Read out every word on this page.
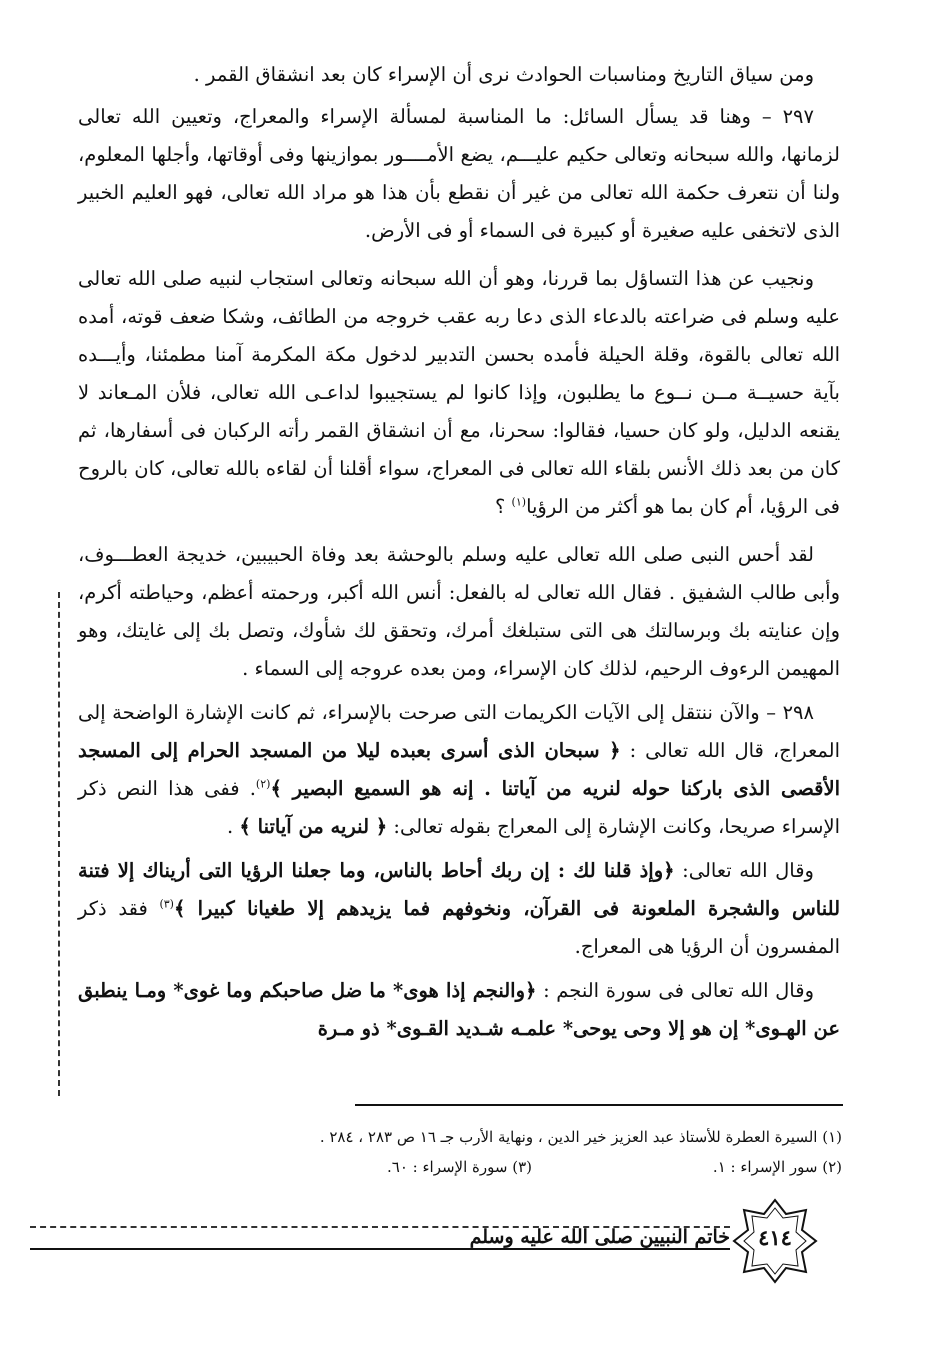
ومن سياق التاريخ ومناسبات الحوادث نرى أن الإسراء كان بعد انشقاق القمر .

٢٩٧ – وهنا قد يسأل السائل: ما المناسبة لمسألة الإسراء والمعراج، وتعيين الله تعالى لزمانها، والله سبحانه وتعالى حكيم عليـــم، يضع الأمــــور بموازينها وفى أوقاتها، وأجلها المعلوم، ولنا أن نتعرف حكمة الله تعالى من غير أن نقطع بأن هذا هو مراد الله تعالى، فهو العليم الخبير الذى لاتخفى عليه صغيرة أو كبيرة فى السماء أو فى الأرض.

ونجيب عن هذا التساؤل بما قررنا، وهو أن الله سبحانه وتعالى استجاب لنبيه صلى الله تعالى عليه وسلم فى ضراعته بالدعاء الذى دعا ربه عقب خروجه من الطائف، وشكا ضعف قوته، أمده الله تعالى بالقوة، وقلة الحيلة فأمده بحسن التدبير لدخول مكة المكرمة آمنا مطمئنا، وأيـــده بآية حسيــة مــن نــوع ما يطلبون، وإذا كانوا لم يستجيبوا لداعـى الله تعالى، فلأن المـعاند لا يقنعه الدليل، ولو كان حسيا، فقالوا: سحرنا، مع أن انشقاق القمر رأته الركبان فى أسفارها، ثم كان من بعد ذلك الأنس بلقاء الله تعالى فى المعراج، سواء أقلنا أن لقاءه بالله تعالى، كان بالروح فى الرؤيا، أم كان بما هو أكثر من الرؤيا$^{(١)}$ ؟

لقد أحس النبى صلى الله تعالى عليه وسلم بالوحشة بعد وفاة الحبيبين، خديجة العطـــوف، وأبى طالب الشفيق . فقال الله تعالى له بالفعل: أنس الله أكبر، ورحمته أعظم، وحياطته أكرم، وإن عنايته بك وبرسالتك هى التى ستبلغك أمرك، وتحقق لك شأوك، وتصل بك إلى غايتك، وهو المهيمن الرءوف الرحيم، لذلك كان الإسراء، ومن بعده عروجه إلى السماء .

٢٩٨ – والآن ننتقل إلى الآيات الكريمات التى صرحت بالإسراء، ثم كانت الإشارة الواضحة إلى المعراج، قال الله تعالى : ﴿ سبحان الذى أسرى بعبده ليلا من المسجد الحرام إلى المسجد الأقصى الذى باركنا حوله لنريه من آياتنا . إنه هو السميع البصير ﴾$^{(٢)}$. ففى هذا النص ذكر الإسراء صريحا، وكانت الإشارة إلى المعراج بقوله تعالى: ﴿ لنريه من آياتنا ﴾ .

وقال الله تعالى: ﴿وإذ قلنا لك : إن ربك أحاط بالناس، وما جعلنا الرؤيا التى أريناك إلا فتنة للناس والشجرة الملعونة فى القرآن، ونخوفهم فما يزيدهم إلا طغيانا كبيرا ﴾$^{(٣)}$ فقد ذكر المفسرون أن الرؤيا هى المعراج.

وقال الله تعالى فى سورة النجم : ﴿والنجم إذا هوى* ما ضل صاحبكم وما غوى* ومـا ينطبق عن الهـوى* إن هو إلا وحى يوحى* علمـه شـديد القـوى* ذو مـرة

(١) السيرة العطرة للأستاذ عبد العزيز خير الدين ، ونهاية الأرب جـ ١٦ ص ٢٨٣ ، ٢٨٤ .
(٢) سور الإسراء : ١.
(٣) سورة الإسراء : ٦٠.
خاتم النبيين صلى الله عليه وسلم	٤١٤
